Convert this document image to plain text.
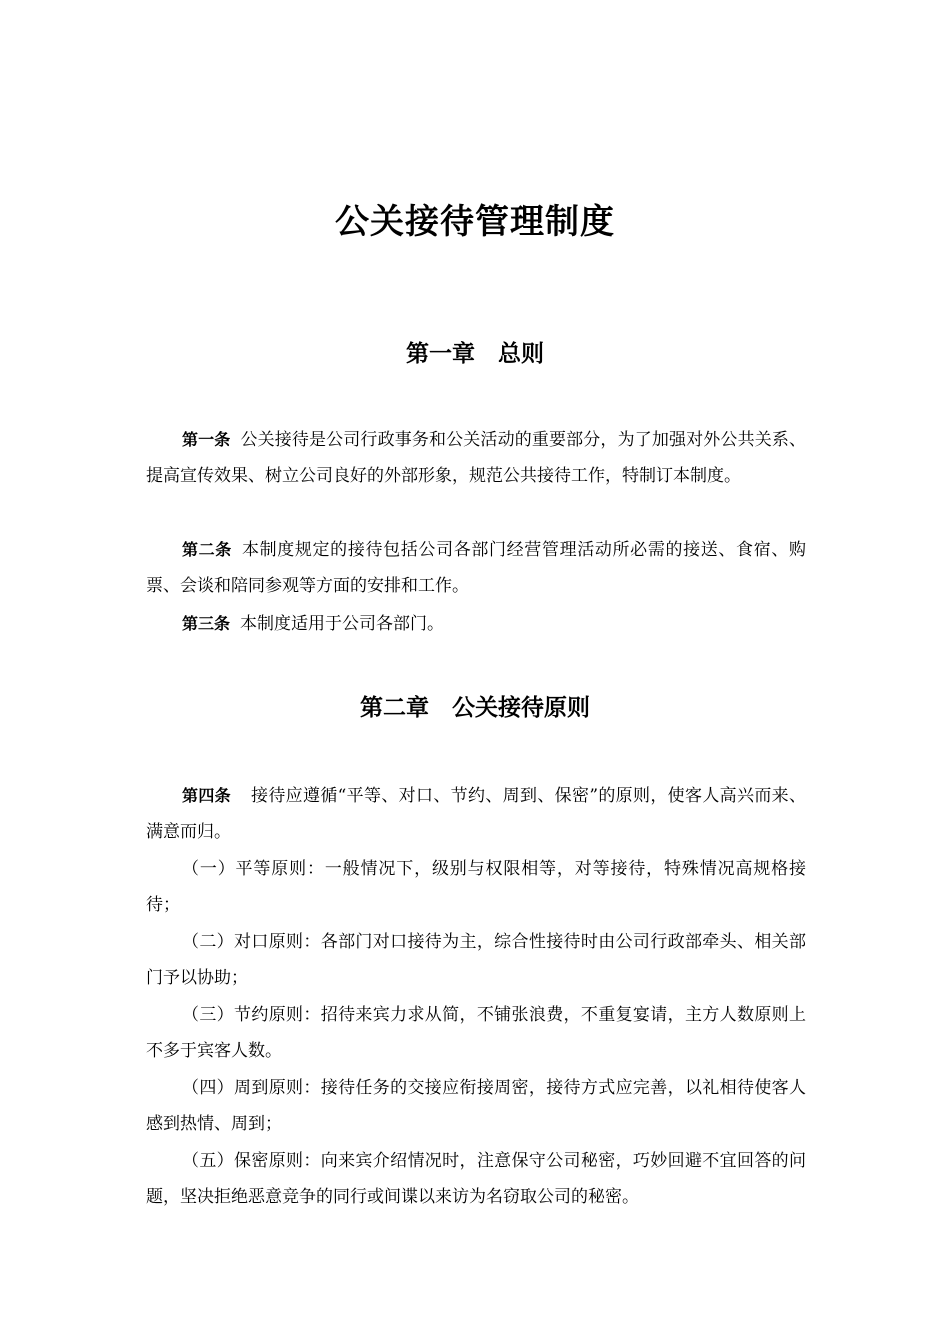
公关接待管理制度
第一章　总则

第一条 公关接待是公司行政事务和公关活动的重要部分，为了加强对外公共关系、提高宣传效果、树立公司良好的外部形象，规范公共接待工作，特制订本制度。

第二条 本制度规定的接待包括公司各部门经营管理活动所必需的接送、食宿、购票、会谈和陪同参观等方面的安排和工作。

第三条 本制度适用于公司各部门。

第二章　公关接待原则

第四条 接待应遵循“平等、对口、节约、周到、保密”的原则，使客人高兴而来、满意而归。

（一）平等原则：一般情况下，级别与权限相等，对等接待，特殊情况高规格接待；

（二）对口原则：各部门对口接待为主，综合性接待时由公司行政部牵头、相关部门予以协助；

（三）节约原则：招待来宾力求从简，不铺张浪费，不重复宴请，主方人数原则上不多于宾客人数。

（四）周到原则：接待任务的交接应衔接周密，接待方式应完善，以礼相待使客人感到热情、周到；

（五）保密原则：向来宾介绍情况时，注意保守公司秘密，巧妙回避不宜回答的问题，坚决拒绝恶意竞争的同行或间谍以来访为名窃取公司的秘密。
